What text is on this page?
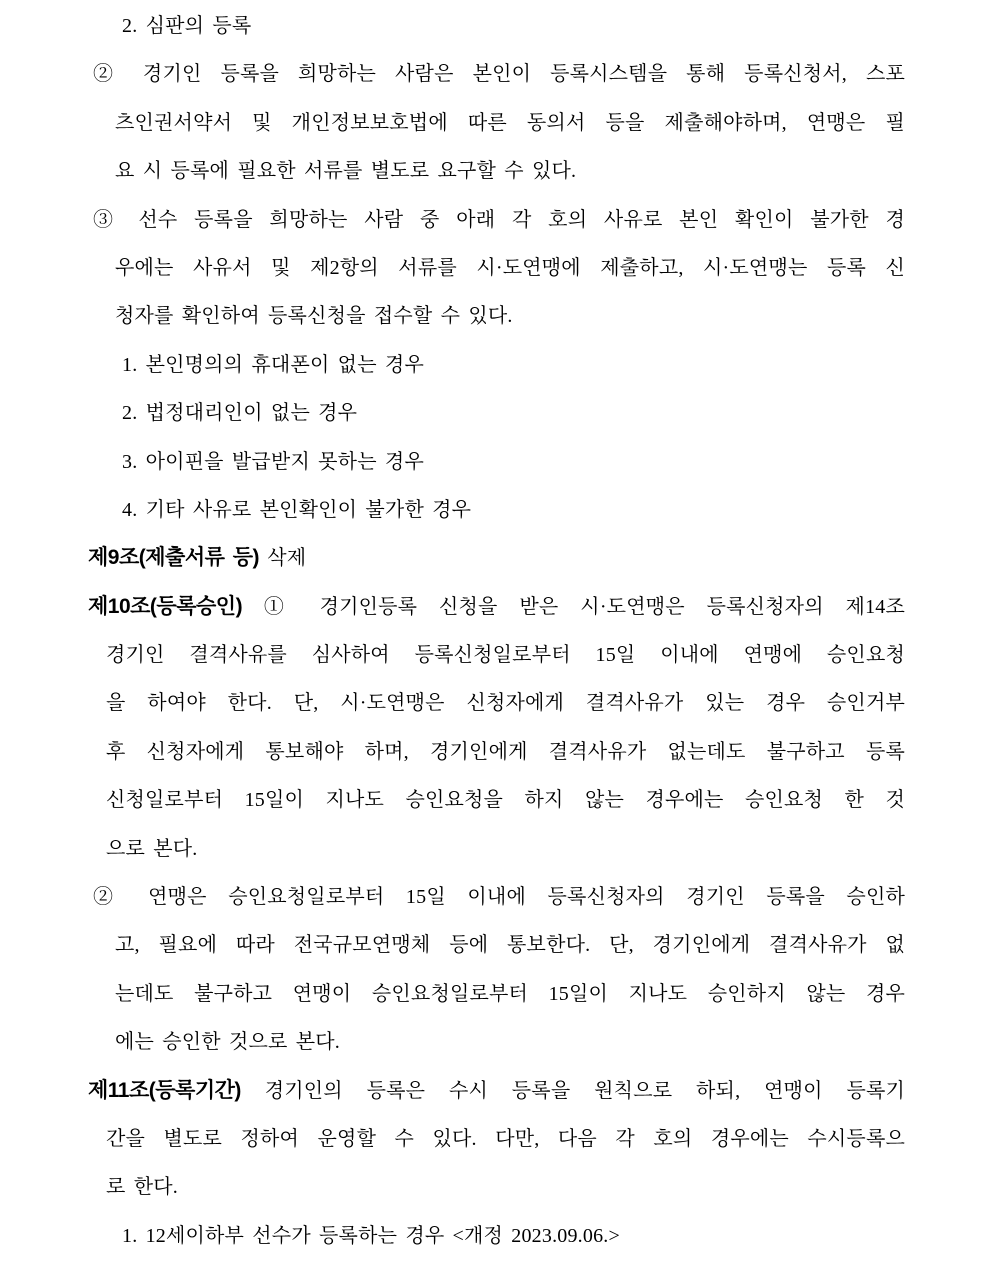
2. 심판의 등록
② 경기인 등록을 희망하는 사람은 본인이 등록시스템을 통해 등록신청서, 스포
츠인권서약서 및 개인정보보호법에 따른 동의서 등을 제출해야하며, 연맹은 필
요 시 등록에 필요한 서류를 별도로 요구할 수 있다.
③ 선수 등록을 희망하는 사람 중 아래 각 호의 사유로 본인 확인이 불가한 경
우에는 사유서 및 제2항의 서류를 시·도연맹에 제출하고, 시·도연맹는 등록 신
청자를 확인하여 등록신청을 접수할 수 있다.
1. 본인명의의 휴대폰이 없는 경우
2. 법정대리인이 없는 경우
3. 아이핀을 발급받지 못하는 경우
4. 기타 사유로 본인확인이 불가한 경우
제9조(제출서류 등) 삭제
제10조(등록승인) ① 경기인등록 신청을 받은 시·도연맹은 등록신청자의 제14조
경기인 결격사유를 심사하여 등록신청일로부터 15일 이내에 연맹에 승인요청
을 하여야 한다. 단, 시·도연맹은 신청자에게 결격사유가 있는 경우 승인거부
후 신청자에게 통보해야 하며, 경기인에게 결격사유가 없는데도 불구하고 등록
신청일로부터 15일이 지나도 승인요청을 하지 않는 경우에는 승인요청 한 것
으로 본다.
② 연맹은 승인요청일로부터 15일 이내에 등록신청자의 경기인 등록을 승인하
고, 필요에 따라 전국규모연맹체 등에 통보한다. 단, 경기인에게 결격사유가 없
는데도 불구하고 연맹이 승인요청일로부터 15일이 지나도 승인하지 않는 경우
에는 승인한 것으로 본다.
제11조(등록기간) 경기인의 등록은 수시 등록을 원칙으로 하되, 연맹이 등록기
간을 별도로 정하여 운영할 수 있다. 다만, 다음 각 호의 경우에는 수시등록으
로 한다.
1. 12세이하부 선수가 등록하는 경우 <개정 2023.09.06.>
